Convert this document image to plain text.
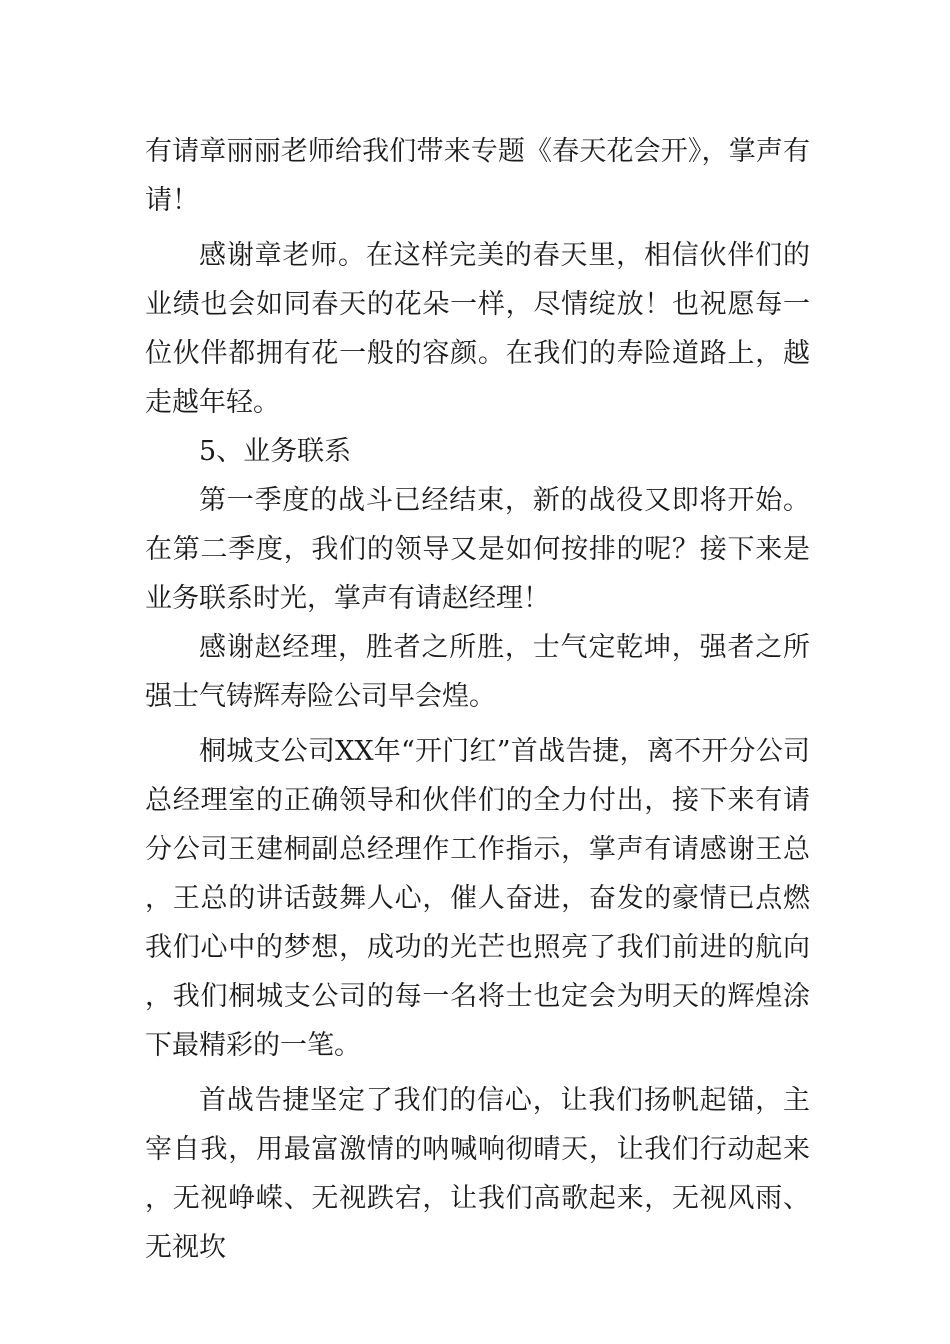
有请章丽丽老师给我们带来专题《春天花会开》，掌声有请！

感谢章老师。在这样完美的春天里，相信伙伴们的业绩也会如同春天的花朵一样，尽情绽放！也祝愿每一位伙伴都拥有花一般的容颜。在我们的寿险道路上，越走越年轻。

5、业务联系

第一季度的战斗已经结束，新的战役又即将开始。在第二季度，我们的领导又是如何按排的呢？接下来是业务联系时光，掌声有请赵经理！

感谢赵经理，胜者之所胜，士气定乾坤，强者之所强士气铸辉寿险公司早会煌。

桐城支公司XX年“开门红”首战告捷，离不开分公司总经理室的正确领导和伙伴们的全力付出，接下来有请分公司王建桐副总经理作工作指示，掌声有请感谢王总，王总的讲话鼓舞人心，催人奋进，奋发的豪情已点燃我们心中的梦想，成功的光芒也照亮了我们前进的航向，我们桐城支公司的每一名将士也定会为明天的辉煌涂下最精彩的一笔。

首战告捷坚定了我们的信心，让我们扬帆起锚，主宰自我，用最富激情的呐喊响彻晴天，让我们行动起来，无视峥嵘、无视跌宕，让我们高歌起来，无视风雨、无视坎
